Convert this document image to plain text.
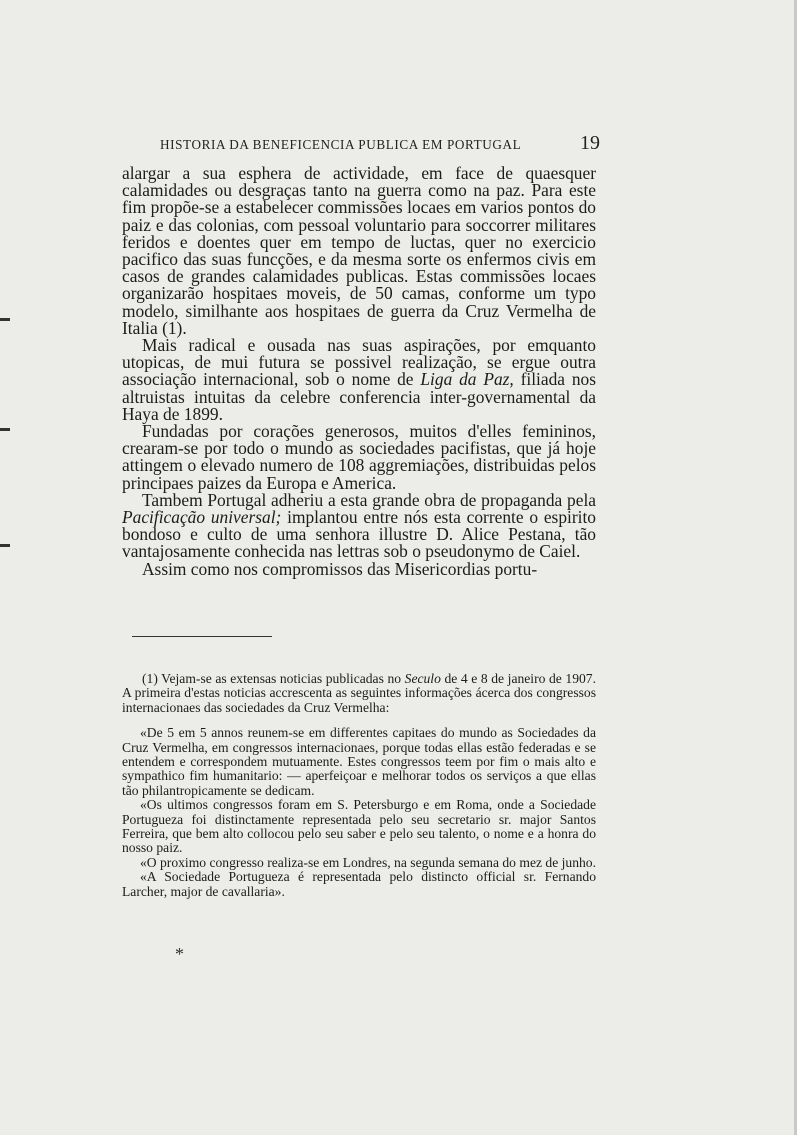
HISTORIA DA BENEFICENCIA PUBLICA EM PORTUGAL	19

alargar a sua esphera de actividade, em face de quaesquer calamidades ou desgraças tanto na guerra como na paz. Para este fim propõe-se a estabelecer commissões locaes em varios pontos do paiz e das colonias, com pessoal voluntario para soccorrer militares feridos e doentes quer em tempo de luctas, quer no exercicio pacifico das suas funcções, e da mesma sorte os enfermos civis em casos de grandes calamidades publicas. Estas commissões locaes organizarão hospitaes moveis, de 50 camas, conforme um typo modelo, similhante aos hospitaes de guerra da Cruz Vermelha de Italia (1).

Mais radical e ousada nas suas aspirações, por emquanto utopicas, de mui futura se possivel realização, se ergue outra associação internacional, sob o nome de Liga da Paz, filiada nos altruistas intuitas da celebre conferencia inter-governamental da Haya de 1899.

Fundadas por corações generosos, muitos d'elles femininos, crearam-se por todo o mundo as sociedades pacifistas, que já hoje attingem o elevado numero de 108 aggremiações, distribuidas pelos principaes paizes da Europa e America.

Tambem Portugal adheriu a esta grande obra de propaganda pela Pacificação universal; implantou entre nós esta corrente o espirito bondoso e culto de uma senhora illustre D. Alice Pestana, tão vantajosamente conhecida nas lettras sob o pseudonymo de Caiel.

Assim como nos compromissos das Misericordias portu-

(1) Vejam-se as extensas noticias publicadas no Seculo de 4 e 8 de janeiro de 1907. A primeira d'estas noticias accrescenta as seguintes informações ácerca dos congressos internacionaes das sociedades da Cruz Vermelha:

«De 5 em 5 annos reunem-se em differentes capitaes do mundo as Sociedades da Cruz Vermelha, em congressos internacionaes, porque todas ellas estão federadas e se entendem e correspondem mutuamente. Estes congressos teem por fim o mais alto e sympathico fim humanitario: — aperfeiçoar e melhorar todos os serviços a que ellas tão philantropicamente se dedicam.

«Os ultimos congressos foram em S. Petersburgo e em Roma, onde a Sociedade Portugueza foi distinctamente representada pelo seu secretario sr. major Santos Ferreira, que bem alto collocou pelo seu saber e pelo seu talento, o nome e a honra do nosso paiz.

«O proximo congresso realiza-se em Londres, na segunda semana do mez de junho.

«A Sociedade Portugueza é representada pelo distincto official sr. Fernando Larcher, major de cavallaria».

*
